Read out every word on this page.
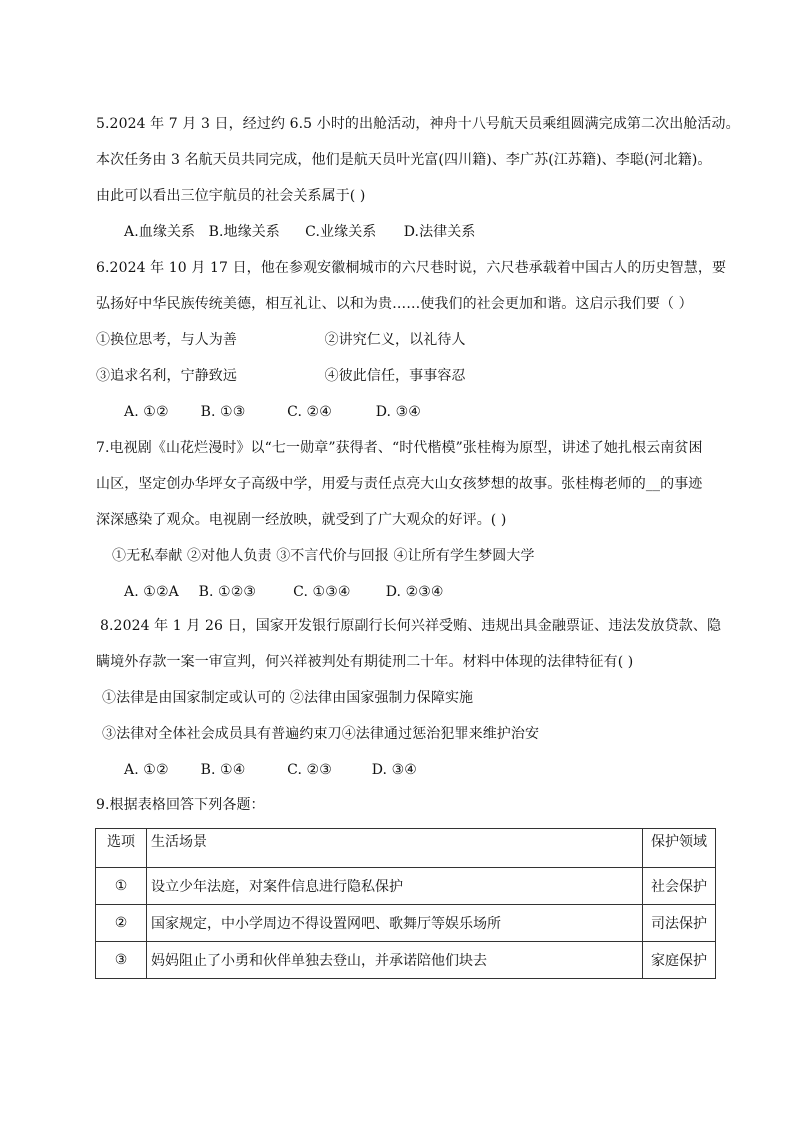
5.2024 年 7 月 3 日，经过约 6.5 小时的出舱活动，神舟十八号航天员乘组圆满完成第二次出舱活动。
本次任务由 3 名航天员共同完成，他们是航天员叶光富(四川籍)、李广苏(江苏籍)、李聪(河北籍)。
由此可以看出三位宇航员的社会关系属于( )
A.血缘关系 B.地缘关系 C.业缘关系 D.法律关系
6.2024 年 10 月 17 日，他在参观安徽桐城市的六尺巷时说，六尺巷承载着中国古人的历史智慧，要
弘扬好中华民族传统美德，相互礼让、以和为贵……使我们的社会更加和谐。这启示我们要（ ）
①换位思考，与人为善	②讲究仁义，以礼待人
③追求名利，宁静致远	④彼此信任，事事容忍
A. ①② B. ①③	C. ②④	D. ③④
7.电视剧《山花烂漫时》以“七一勋章”获得者、“时代楷模”张桂梅为原型，讲述了她扎根云南贫困
山区，坚定创办华坪女子高级中学，用爱与责任点亮大山女孩梦想的故事。张桂梅老师的__的事迹
深深感染了观众。电视剧一经放映，就受到了广大观众的好评。( )
①无私奉献 ②对他人负责 ③不言代价与回报 ④让所有学生梦圆大学
A. ①②A B. ①②③	C. ①③④	D. ②③④
8.2024 年 1 月 26 日，国家开发银行原副行长何兴祥受贿、违规出具金融票证、违法发放贷款、隐
瞒境外存款一案一审宣判，何兴祥被判处有期徒刑二十年。材料中体现的法律特征有( )
①法律是由国家制定或认可的 ②法律由国家强制力保障实施
③法律对全体社会成员具有普遍约束刀④法律通过惩治犯罪来维护治安
A. ①② B. ①④	C. ②③	D. ③④
9.根据表格回答下列各题：
选项	生活场景	保护领域
①	设立少年法庭，对案件信息进行隐私保护	社会保护
②	国家规定，中小学周边不得设置网吧、歌舞厅等娱乐场所	司法保护
③	妈妈阻止了小勇和伙伴单独去登山，并承诺陪他们块去	家庭保护
